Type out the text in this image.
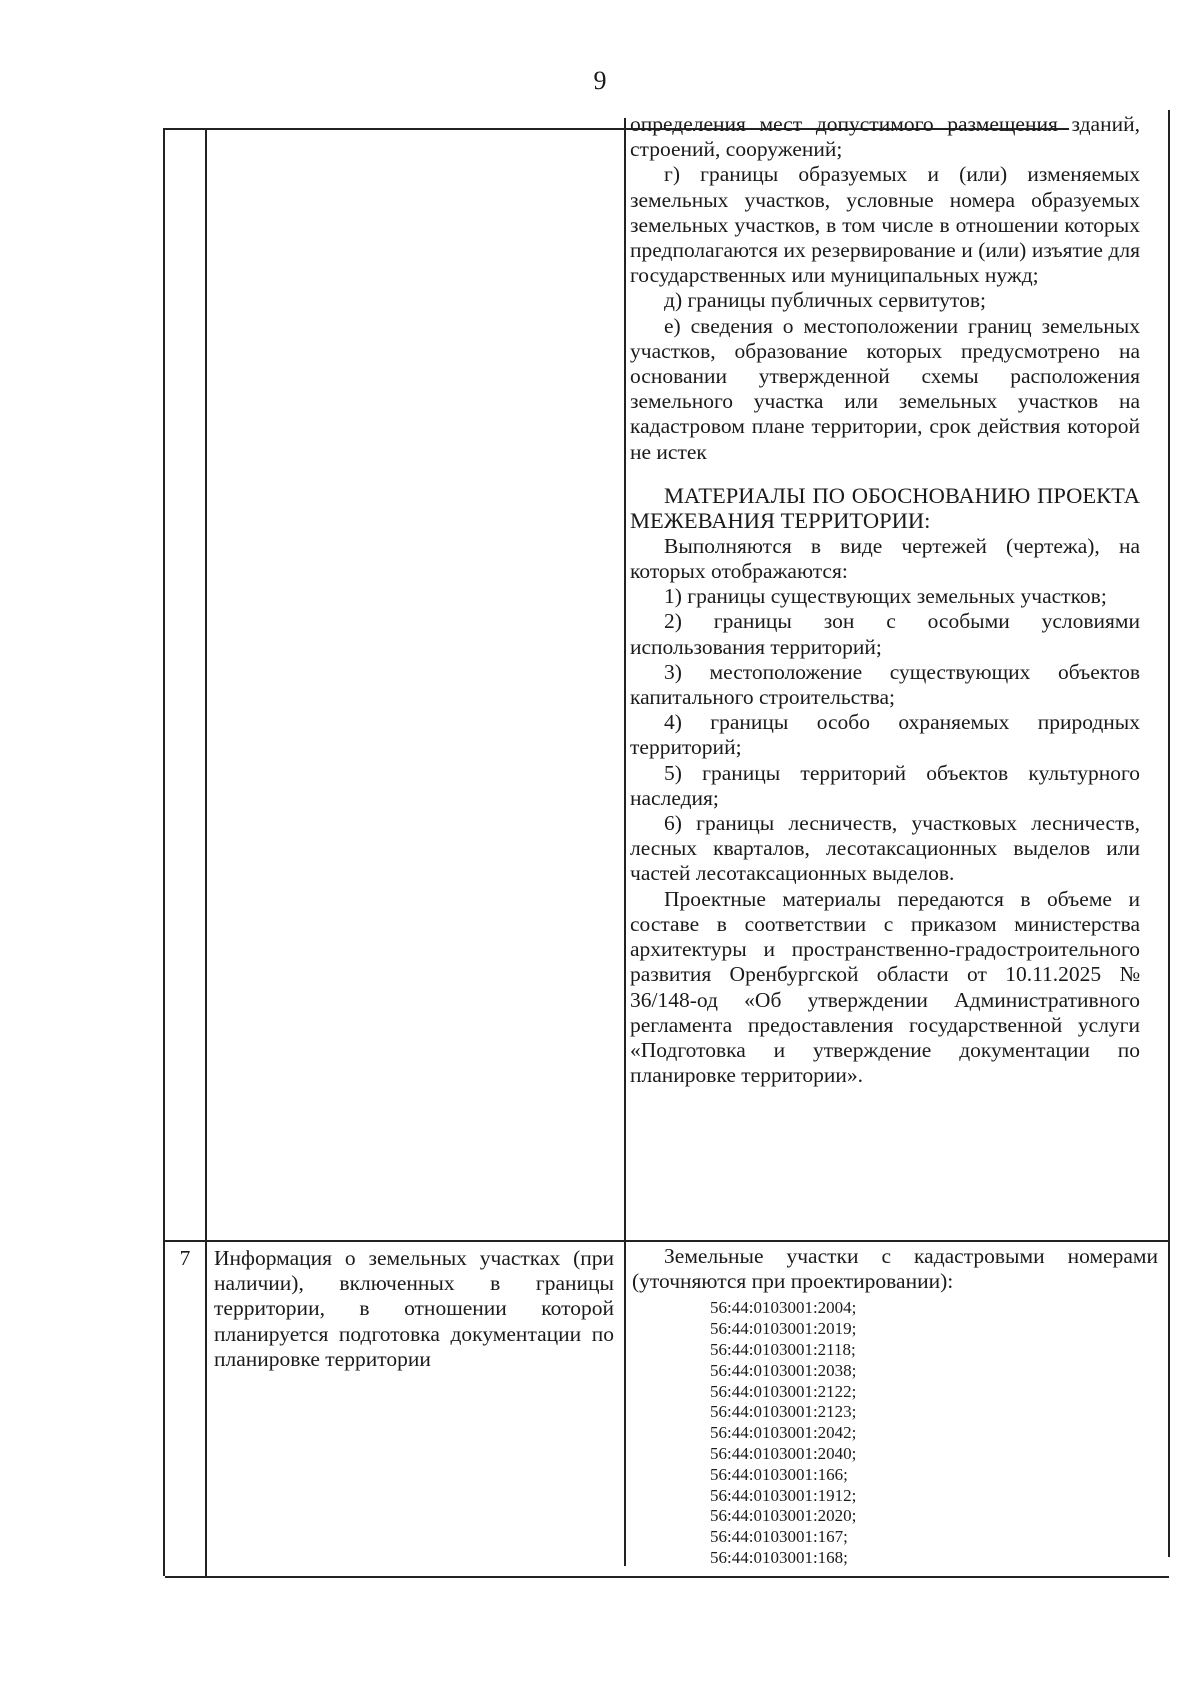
9

определения мест допустимого размещения зданий, строений, сооружений;

г) границы образуемых и (или) изменяемых земельных участков, условные номера образуемых земельных участков, в том числе в отношении которых предполагаются их резервирование и (или) изъятие для государственных или муниципальных нужд;

д) границы публичных сервитутов;

е) сведения о местоположении границ земельных участков, образование которых предусмотрено на основании утвержденной схемы расположения земельного участка или земельных участков на кадастровом плане территории, срок действия которой не истек

МАТЕРИАЛЫ ПО ОБОСНОВАНИЮ ПРОЕКТА МЕЖЕВАНИЯ ТЕРРИТОРИИ:

Выполняются в виде чертежей (чертежа), на которых отображаются:

1) границы существующих земельных участков;

2) границы зон с особыми условиями использования территорий;

3) местоположение существующих объектов капитального строительства;

4) границы особо охраняемых природных территорий;

5) границы территорий объектов культурного наследия;

6) границы лесничеств, участковых лесничеств, лесных кварталов, лесотаксационных выделов или частей лесотаксационных выделов.

Проектные материалы передаются в объеме и составе в соответствии с приказом министерства архитектуры и пространственно-градостроительного развития Оренбургской области от 10.11.2025 № 36/148-од «Об утверждении Административного регламента предоставления государственной услуги «Подготовка и утверждение документации по планировке территории».

7	Информация о земельных участках (при наличии), включенных в границы территории, в отношении которой планируется подготовка документации по планировке территории

Земельные участки с кадастровыми номерами (уточняются при проектировании):

56:44:0103001:2004;
56:44:0103001:2019;
56:44:0103001:2118;
56:44:0103001:2038;
56:44:0103001:2122;
56:44:0103001:2123;
56:44:0103001:2042;
56:44:0103001:2040;
56:44:0103001:166;
56:44:0103001:1912;
56:44:0103001:2020;
56:44:0103001:167;
56:44:0103001:168;
